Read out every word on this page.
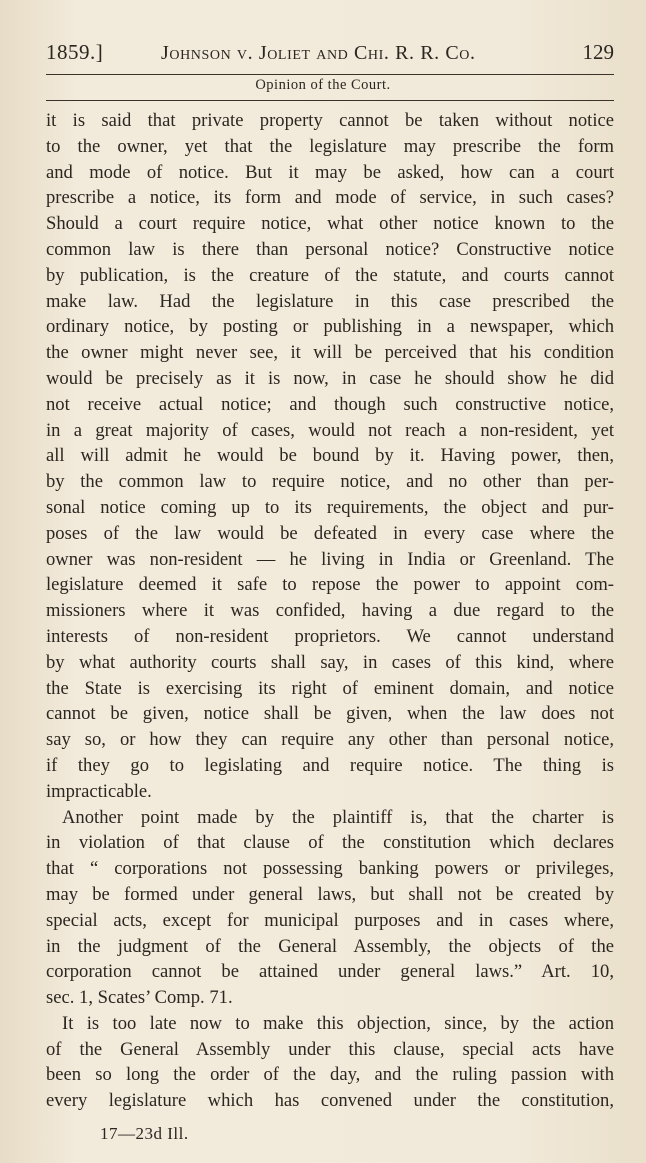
1859.]	Johnson v. Joliet and Chi. R. R. Co.	129
Opinion of the Court.
it is said that private property cannot be taken without notice
to the owner, yet that the legislature may prescribe the form
and mode of notice. But it may be asked, how can a court
prescribe a notice, its form and mode of service, in such cases?
Should a court require notice, what other notice known to the
common law is there than personal notice? Constructive notice
by publication, is the creature of the statute, and courts cannot
make law. Had the legislature in this case prescribed the
ordinary notice, by posting or publishing in a newspaper, which
the owner might never see, it will be perceived that his condition
would be precisely as it is now, in case he should show he did
not receive actual notice; and though such constructive notice,
in a great majority of cases, would not reach a non-resident, yet
all will admit he would be bound by it. Having power, then,
by the common law to require notice, and no other than per-
sonal notice coming up to its requirements, the object and pur-
poses of the law would be defeated in every case where the
owner was non-resident — he living in India or Greenland. The
legislature deemed it safe to repose the power to appoint com-
missioners where it was confided, having a due regard to the
interests of non-resident proprietors. We cannot understand
by what authority courts shall say, in cases of this kind, where
the State is exercising its right of eminent domain, and notice
cannot be given, notice shall be given, when the law does not
say so, or how they can require any other than personal notice,
if they go to legislating and require notice. The thing is
impracticable.
Another point made by the plaintiff is, that the charter is
in violation of that clause of the constitution which declares
that “ corporations not possessing banking powers or privileges,
may be formed under general laws, but shall not be created by
special acts, except for municipal purposes and in cases where,
in the judgment of the General Assembly, the objects of the
corporation cannot be attained under general laws.” Art. 10,
sec. 1, Scates’ Comp. 71.
It is too late now to make this objection, since, by the action
of the General Assembly under this clause, special acts have
been so long the order of the day, and the ruling passion with
every legislature which has convened under the constitution,
17—23d Ill.
